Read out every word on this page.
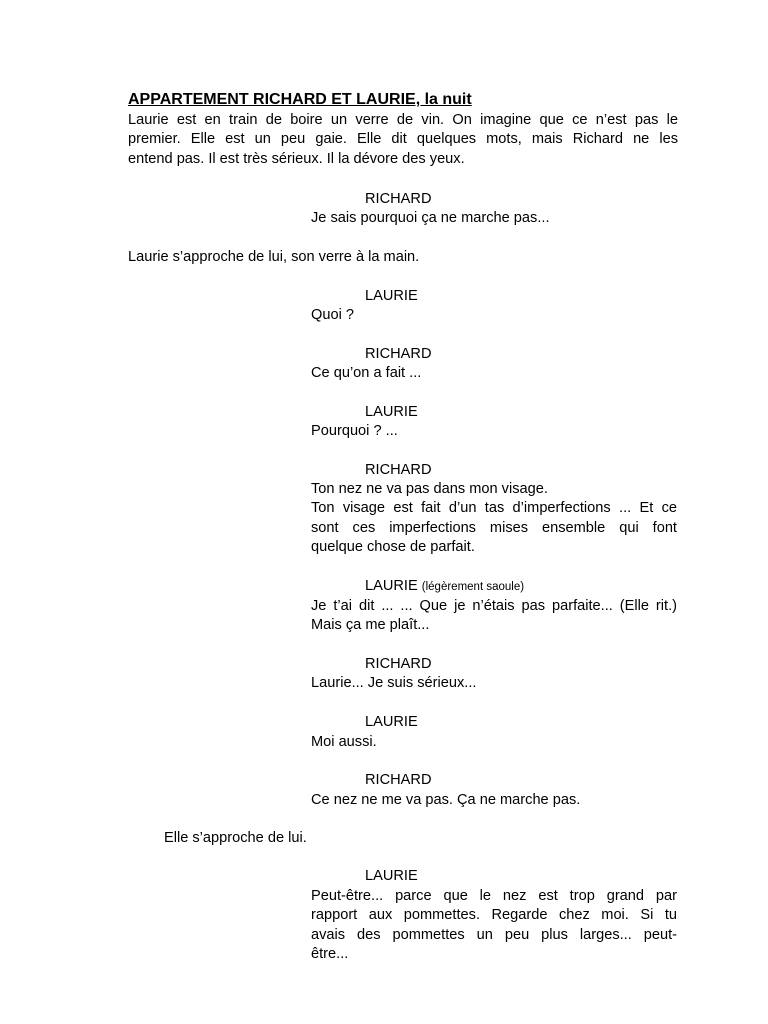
APPARTEMENT RICHARD ET LAURIE, la nuit
Laurie est en train de boire un verre de vin. On imagine que ce n’est pas le
premier. Elle est un peu gaie. Elle dit quelques mots, mais Richard ne les
entend pas. Il est très sérieux. Il la dévore des yeux.
RICHARD
Je sais pourquoi ça ne marche pas...
Laurie s’approche de lui, son verre à la main.
LAURIE
Quoi ?
RICHARD
Ce qu’on a fait ...
LAURIE
Pourquoi ? ...
RICHARD
Ton nez ne va pas dans mon visage.
Ton visage est fait d’un tas d’imperfections ... Et ce
sont ces imperfections mises ensemble qui font
quelque chose de parfait.
LAURIE (légèrement saoule)
Je t’ai dit ... ... Que je n’étais pas parfaite... (Elle rit.)
Mais ça me plaît...
RICHARD
Laurie... Je suis sérieux...
LAURIE
Moi aussi.
RICHARD
Ce nez ne me va pas. Ça ne marche pas.
Elle s’approche de lui.
LAURIE
Peut-être... parce que le nez est trop grand par
rapport aux pommettes. Regarde chez moi. Si tu
avais des pommettes un peu plus larges... peut-
être...
